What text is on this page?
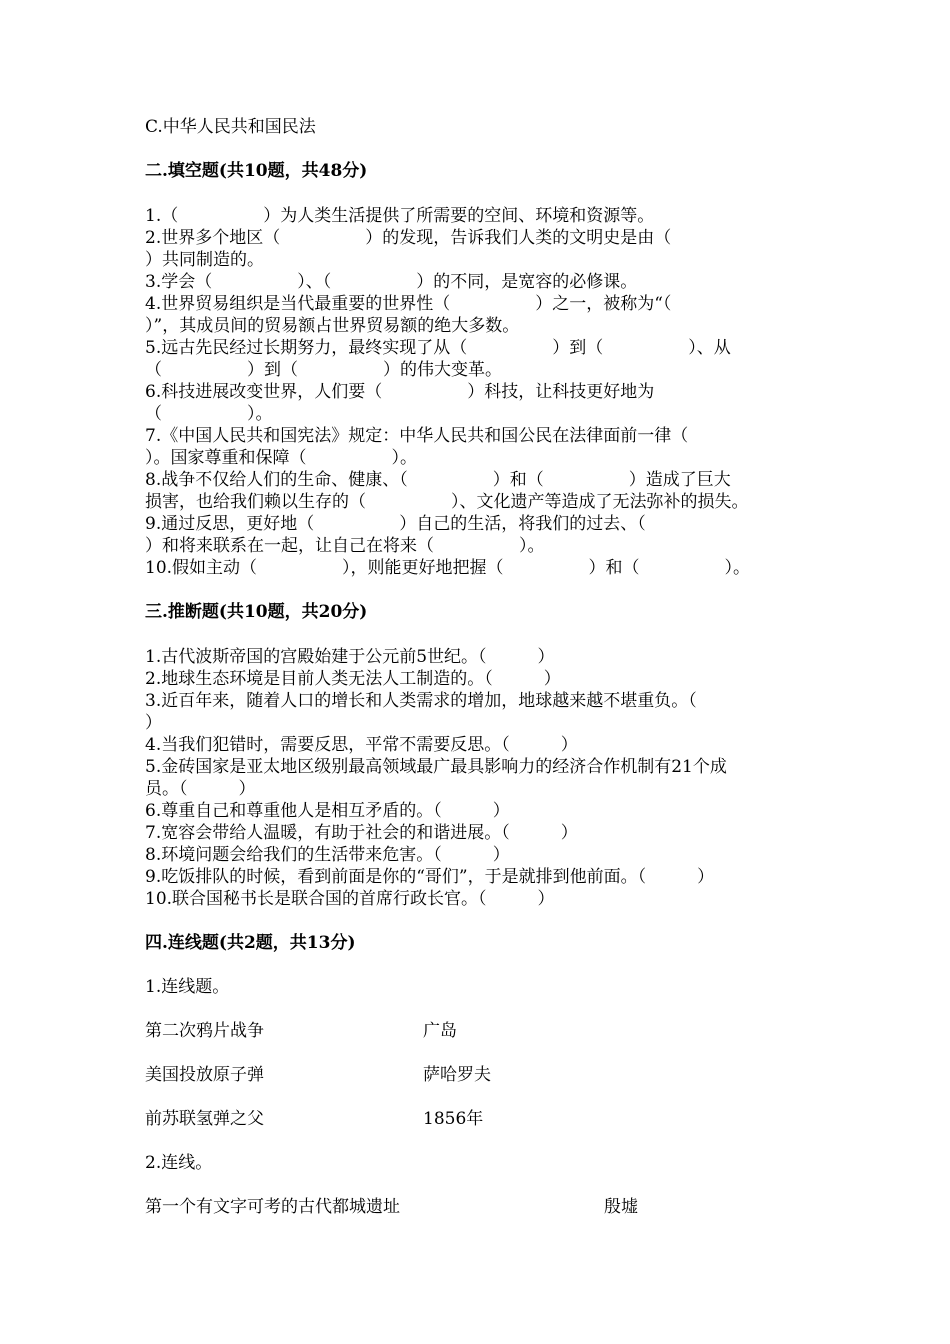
C.中华人民共和国民法
二.填空题(共10题，共48分)
1.（　　　　　）为人类生活提供了所需要的空间、环境和资源等。
2.世界多个地区（　　　　　）的发现，告诉我们人类的文明史是由（
）共同制造的。
3.学会（　　　　　）、（　　　　　）的不同，是宽容的必修课。
4.世界贸易组织是当代最重要的世界性（　　　　　）之一，被称为“（
）”，其成员间的贸易额占世界贸易额的绝大多数。
5.远古先民经过长期努力，最终实现了从（　　　　　）到（　　　　　）、从
（　　　　　）到（　　　　　）的伟大变革。
6.科技进展改变世界，人们要（　　　　　）科技，让科技更好地为
（　　　　　）。
7.《中国人民共和国宪法》规定：中华人民共和国公民在法律面前一律（
）。国家尊重和保障（　　　　　）。
8.战争不仅给人们的生命、健康、（　　　　　）和（　　　　　）造成了巨大
损害，也给我们赖以生存的（　　　　　）、文化遗产等造成了无法弥补的损失。
9.通过反思，更好地（　　　　　）自己的生活，将我们的过去、（
）和将来联系在一起，让自己在将来（　　　　　）。
10.假如主动（　　　　　），则能更好地把握（　　　　　）和（　　　　　）。
三.推断题(共10题，共20分)
1.古代波斯帝国的宫殿始建于公元前5世纪。（　　　）
2.地球生态环境是目前人类无法人工制造的。（　　　）
3.近百年来，随着人口的增长和人类需求的增加，地球越来越不堪重负。（
）
4.当我们犯错时，需要反思，平常不需要反思。（　　　）
5.金砖国家是亚太地区级别最高领域最广最具影响力的经济合作机制有21个成
员。（　　　）
6.尊重自己和尊重他人是相互矛盾的。（　　　）
7.宽容会带给人温暖，有助于社会的和谐进展。（　　　）
8.环境问题会给我们的生活带来危害。（　　　）
9.吃饭排队的时候，看到前面是你的“哥们”，于是就排到他前面。（　　　）
10.联合国秘书长是联合国的首席行政长官。（　　　）
四.连线题(共2题，共13分)
1.连线题。
第二次鸦片战争	广岛
美国投放原子弹	萨哈罗夫
前苏联氢弹之父	1856年
2.连线。
第一个有文字可考的古代都城遗址	殷墟
